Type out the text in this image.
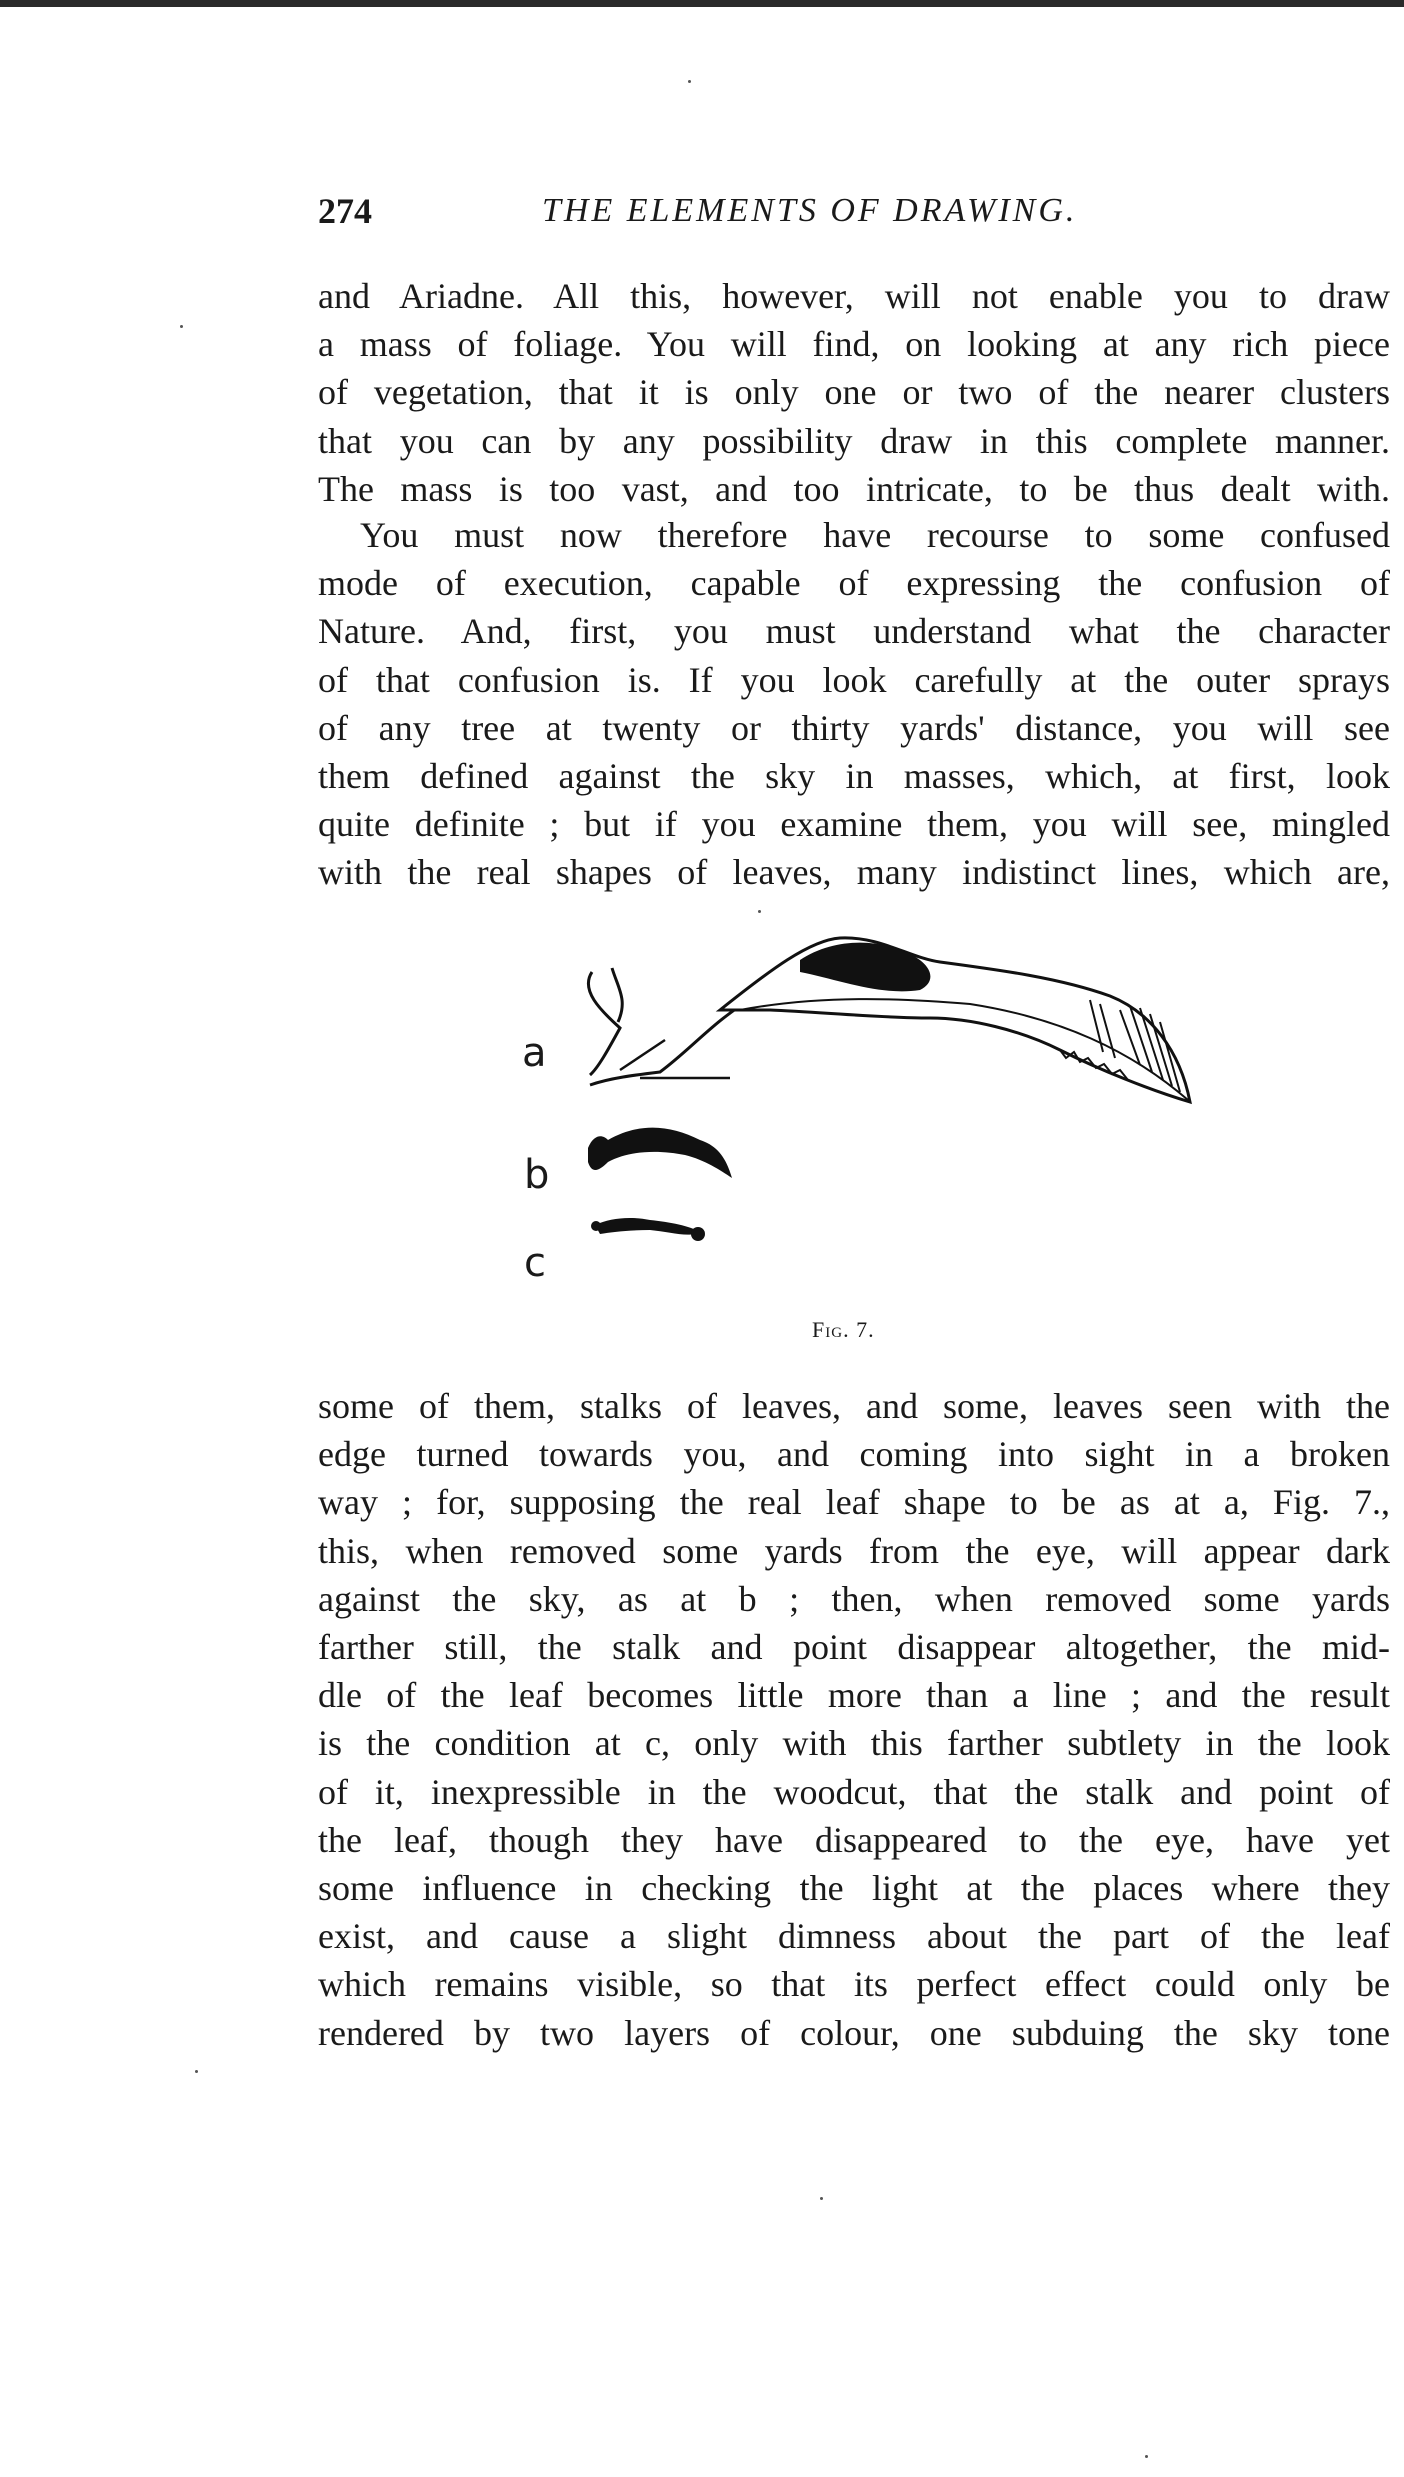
274	THE ELEMENTS OF DRAWING.
and Ariadne. All this, however, will not enable you to draw
a mass of foliage. You will find, on looking at any rich piece
of vegetation, that it is only one or two of the nearer clusters
that you can by any possibility draw in this complete manner.
The mass is too vast, and too intricate, to be thus dealt with.
You must now therefore have recourse to some confused
mode of execution, capable of expressing the confusion of
Nature. And, first, you must understand what the character
of that confusion is. If you look carefully at the outer sprays
of any tree at twenty or thirty yards' distance, you will see
them defined against the sky in masses, which, at first, look
quite definite ; but if you examine them, you will see, mingled
with the real shapes of leaves, many indistinct lines, which are,
a
b
c
Fig. 7.
some of them, stalks of leaves, and some, leaves seen with the
edge turned towards you, and coming into sight in a broken
way ; for, supposing the real leaf shape to be as at a, Fig. 7.,
this, when removed some yards from the eye, will appear dark
against the sky, as at b ; then, when removed some yards
farther still, the stalk and point disappear altogether, the mid-
dle of the leaf becomes little more than a line ; and the result
is the condition at c, only with this farther subtlety in the look
of it, inexpressible in the woodcut, that the stalk and point of
the leaf, though they have disappeared to the eye, have yet
some influence in checking the light at the places where they
exist, and cause a slight dimness about the part of the leaf
which remains visible, so that its perfect effect could only be
rendered by two layers of colour, one subduing the sky tone
